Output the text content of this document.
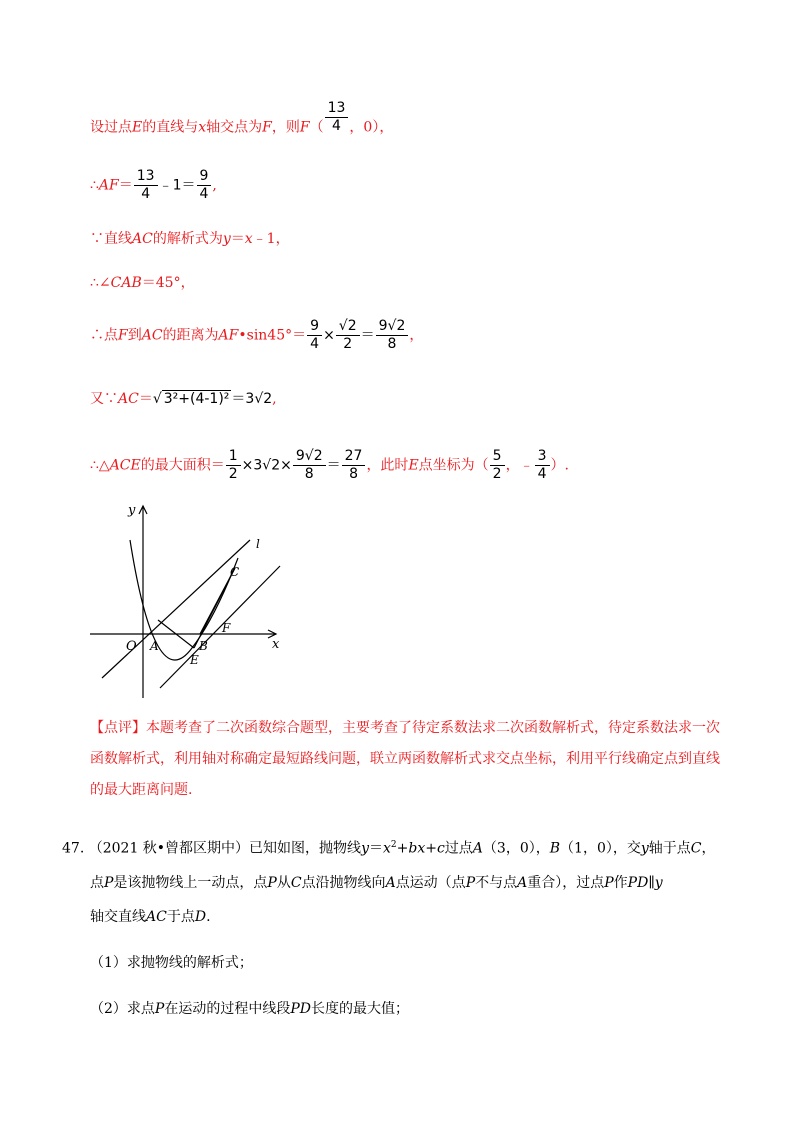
设过点E的直线与x轴交点为F，则$F( \frac{13}{4}$ ，0），
∴AF＝ $\frac{13}{4}$ ﹣1＝ $\frac{9}{4}$ ,
∵直线AC的解析式为y＝x﹣1，
∴∠CAB＝45°，
∴点F到AC的距离为AF•sin45°＝ $\frac{9}{4} \times \frac{√2}{2} = \frac{9√2}{8}$ ，
又∵AC＝√ 3²+(4-1)² ＝3√2,
∴△ACE的最大面积＝ $\frac{1}{2} \times 3√2\times \frac{9√2}{8} = \frac{27}{8}$ ，此时E点坐标为（ $\frac{5}{2}$ ，﹣ $\frac{3}{4}$ ）.
y
x
O A	B
C
E
F
l
【点评】本题考查了二次函数综合题型，主要考查了待定系数法求二次函数解析式，待定系数法求一次
函数解析式，利用轴对称确定最短路线问题，联立两函数解析式求交点坐标，利用平行线确定点到直线
的最大距离问题.
47. （2021 秋•曾都区期中）已知如图，抛物线$y=x^2+bx+c$过点A（3，0），B（1，0），交y轴于点C，
点P是该抛物线上一动点，点P从C点沿抛物线向A点运动（点P不与点A重合），过点P作PD∥y
轴交直线AC于点D.
（1）求抛物线的解析式；
（2）求点P在运动的过程中线段PD长度的最大值；
